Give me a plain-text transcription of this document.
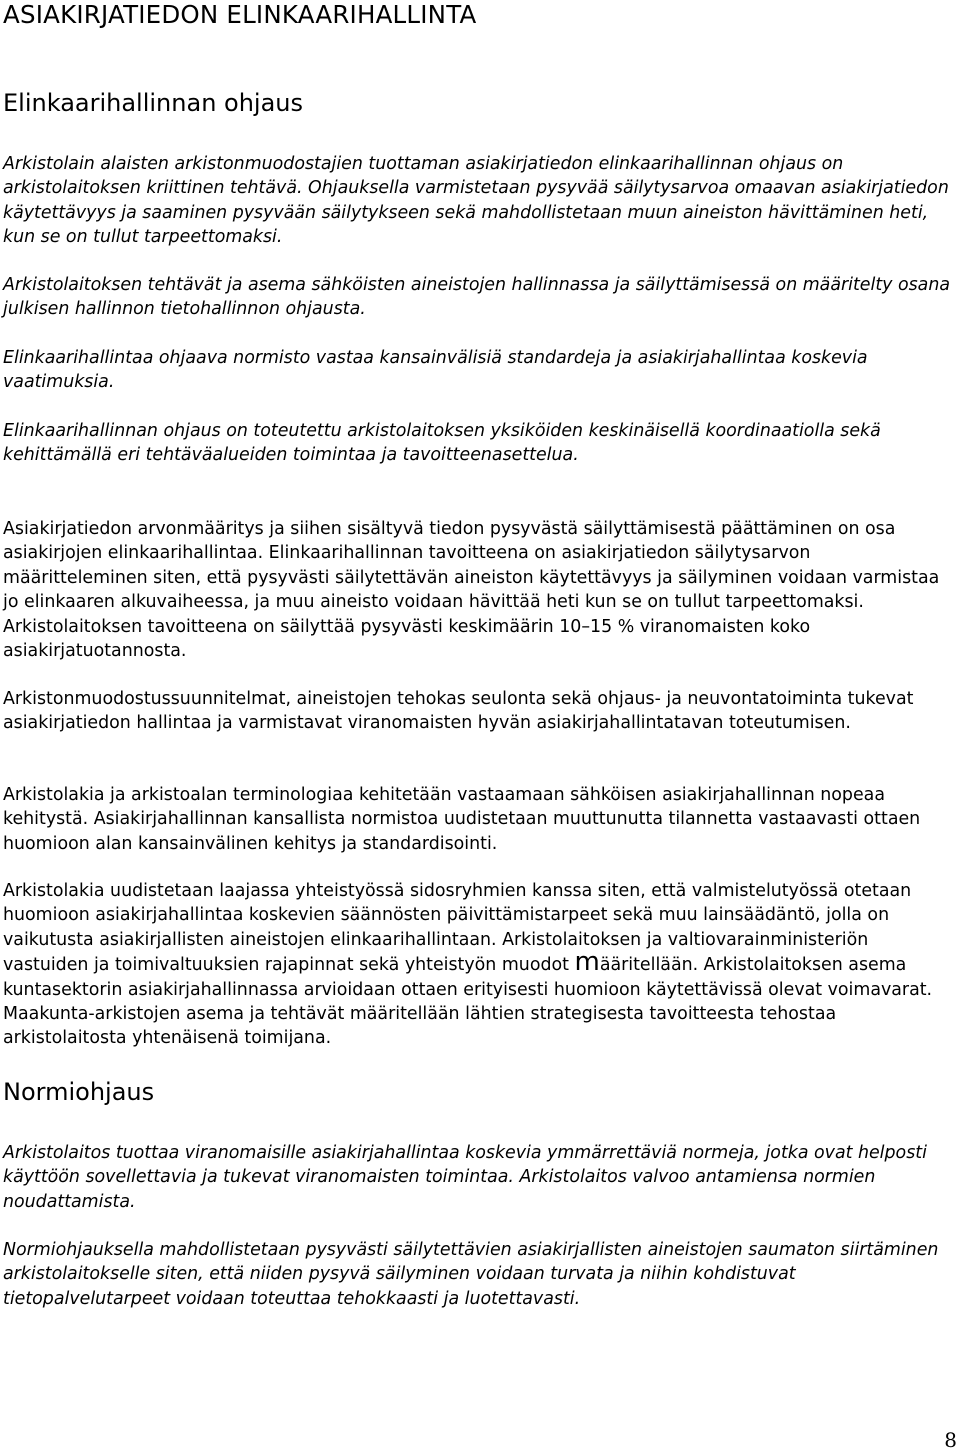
ASIAKIRJATIEDON ELINKAARIHALLINTA
Elinkaarihallinnan ohjaus

Arkistolain alaisten arkistonmuodostajien tuottaman asiakirjatiedon elinkaarihallinnan ohjaus on arkistolaitoksen kriittinen tehtävä. Ohjauksella varmistetaan pysyvää säilytysarvoa omaavan asiakirjatiedon käytettävyys ja saaminen pysyvään säilytykseen sekä mahdollistetaan muun aineiston hävittäminen heti, kun se on tullut tarpeettomaksi.

Arkistolaitoksen tehtävät ja asema sähköisten aineistojen hallinnassa ja säilyttämisessä on määritelty osana julkisen hallinnon tietohallinnon ohjausta.

Elinkaarihallintaa ohjaava normisto vastaa kansainvälisiä standardeja ja asiakirjahallintaa koskevia vaatimuksia.

Elinkaarihallinnan ohjaus on toteutettu arkistolaitoksen yksiköiden keskinäisellä koordinaatiolla sekä kehittämällä eri tehtäväalueiden toimintaa ja tavoitteenasettelua.

Asiakirjatiedon arvonmääritys ja siihen sisältyvä tiedon pysyvästä säilyttämisestä päättäminen on osa asiakirjojen elinkaarihallintaa. Elinkaarihallinnan tavoitteena on asiakirjatiedon säilytysarvon määritteleminen siten, että pysyvästi säilytettävän aineiston käytettävyys ja säilyminen voidaan varmistaa jo elinkaaren alkuvaiheessa, ja muu aineisto voidaan hävittää heti kun se on tullut tarpeettomaksi. Arkistolaitoksen tavoitteena on säilyttää pysyvästi keskimäärin 10–15 % viranomaisten koko asiakirjatuotannosta.

Arkistonmuodostussuunnitelmat, aineistojen tehokas seulonta sekä ohjaus- ja neuvontatoiminta tukevat asiakirjatiedon hallintaa ja varmistavat viranomaisten hyvän asiakirjahallintatavan toteutumisen.

Arkistolakia ja arkistoalan terminologiaa kehitetään vastaamaan sähköisen asiakirjahallinnan nopeaa kehitystä. Asiakirjahallinnan kansallista normistoa uudistetaan muuttunutta tilannetta vastaavasti ottaen huomioon alan kansainvälinen kehitys ja standardisointi.

Arkistolakia uudistetaan laajassa yhteistyössä sidosryhmien kanssa siten, että valmistelutyössä otetaan huomioon asiakirjahallintaa koskevien säännösten päivittämistarpeet sekä muu lainsäädäntö, jolla on vaikutusta asiakirjallisten aineistojen elinkaarihallintaan. Arkistolaitoksen ja valtiovarainministeriön vastuiden ja toimivaltuuksien rajapinnat sekä yhteistyön muodot määritellään. Arkistolaitoksen asema kuntasektorin asiakirjahallinnassa arvioidaan ottaen erityisesti huomioon käytettävissä olevat voimavarat. Maakunta-arkistojen asema ja tehtävät määritellään lähtien strategisesta tavoitteesta tehostaa arkistolaitosta yhtenäisenä toimijana.

Normiohjaus

Arkistolaitos tuottaa viranomaisille asiakirjahallintaa koskevia ymmärrettäviä normeja, jotka ovat helposti käyttöön sovellettavia ja tukevat viranomaisten toimintaa. Arkistolaitos valvoo antamiensa normien noudattamista.

Normiohjauksella mahdollistetaan pysyvästi säilytettävien asiakirjallisten aineistojen saumaton siirtäminen arkistolaitokselle siten, että niiden pysyvä säilyminen voidaan turvata ja niihin kohdistuvat tietopalvelutarpeet voidaan toteuttaa tehokkaasti ja luotettavasti.

8
